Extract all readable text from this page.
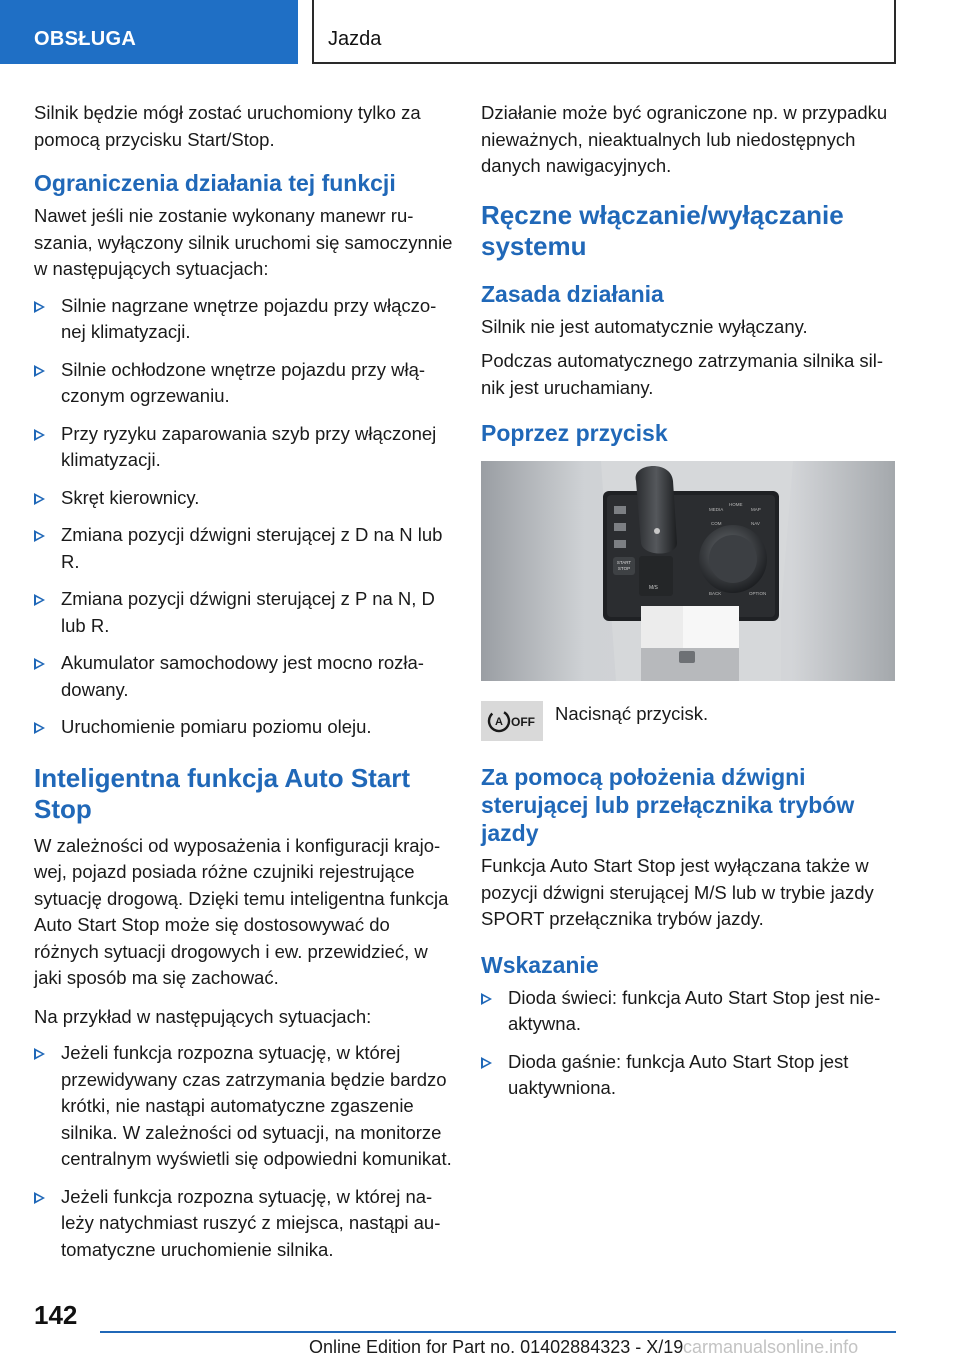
OBSŁUGA	Jazda

Silnik będzie mógł zostać uruchomiony tylko za pomocą przycisku Start/Stop.

Ograniczenia działania tej funkcji

Nawet jeśli nie zostanie wykonany manewr ruszania, wyłączony silnik uruchomi się samoczynnie w następujących sytuacjach:

Silnie nagrzane wnętrze pojazdu przy włączonej klimatyzacji.
Silnie ochłodzone wnętrze pojazdu przy włączonym ogrzewaniu.
Przy ryzyku zaparowania szyb przy włączonej klimatyzacji.
Skręt kierownicy.
Zmiana pozycji dźwigni sterującej z D na N lub R.
Zmiana pozycji dźwigni sterującej z P na N, D lub R.
Akumulator samochodowy jest mocno rozładowany.
Uruchomienie pomiaru poziomu oleju.
Inteligentna funkcja Auto Start Stop

W zależności od wyposażenia i konfiguracji krajowej, pojazd posiada różne czujniki rejestrujące sytuację drogową. Dzięki temu inteligentna funkcja Auto Start Stop może się dostosowywać do różnych sytuacji drogowych i ew. przewidzieć, w jaki sposób ma się zachować.

Na przykład w następujących sytuacjach:

Jeżeli funkcja rozpozna sytuację, w której przewidywany czas zatrzymania będzie bardzo krótki, nie nastąpi automatyczne zgaszenie silnika. W zależności od sytuacji, na monitorze centralnym wyświetli się odpowiedni komunikat.
Jeżeli funkcja rozpozna sytuację, w której należy natychmiast ruszyć z miejsca, nastąpi automatyczne uruchomienie silnika.

Działanie może być ograniczone np. w przypadku nieważnych, nieaktualnych lub niedostępnych danych nawigacyjnych.

Ręczne włączanie/wyłączanie systemu
Zasada działania

Silnik nie jest automatycznie wyłączany.

Podczas automatycznego zatrzymania silnika silnik jest uruchamiany.

Poprzez przycisk
START
STOP
MEDIA
HOME
MAP
COM	NAV
BACK	OPTION
M/S
A OFF Nacisnąć przycisk.
Za pomocą położenia dźwigni sterującej lub przełącznika trybów jazdy

Funkcja Auto Start Stop jest wyłączana także w pozycji dźwigni sterującej M/S lub w trybie jazdy SPORT przełącznika trybów jazdy.

Wskazanie
Dioda świeci: funkcja Auto Start Stop jest nieaktywna.
Dioda gaśnie: funkcja Auto Start Stop jest uaktywniona.
142
Online Edition for Part no. 01402884323 - X/19 carmanualsonline.info
